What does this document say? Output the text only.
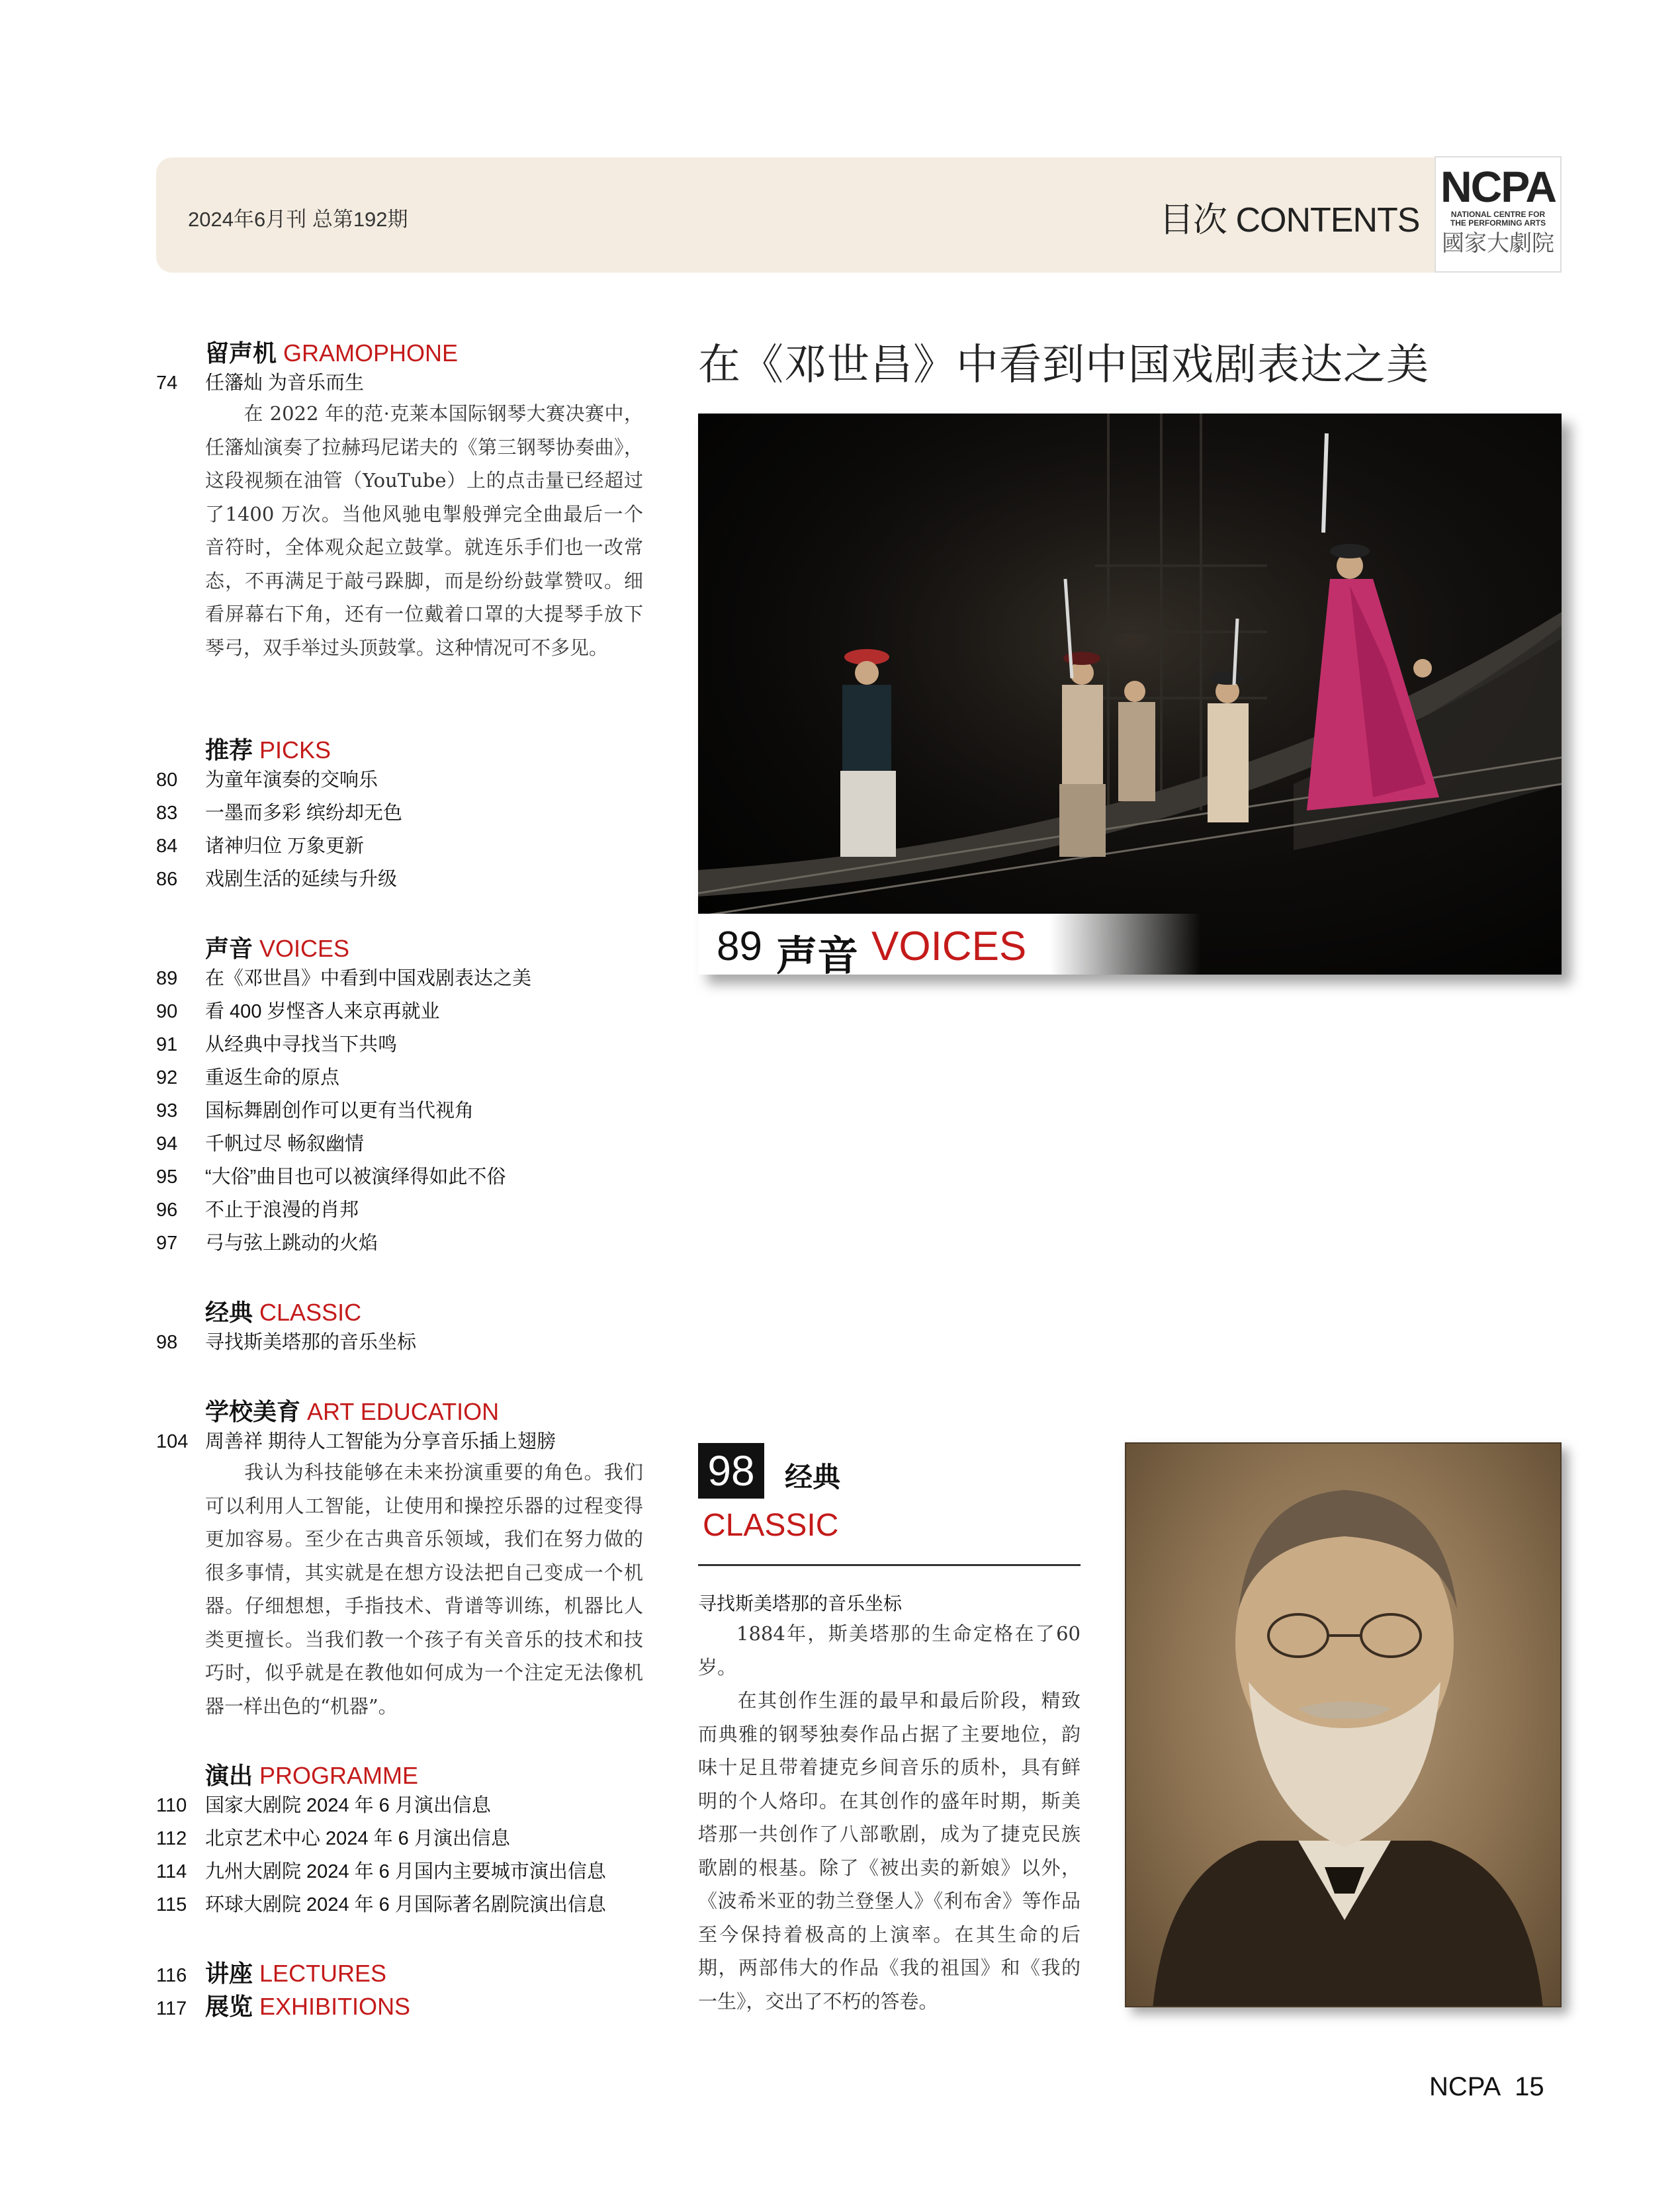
2024年6月刊 总第192期	目次 CONTENTS
NCPA
NATIONAL CENTRE FOR
THE PERFORMING ARTS
國家大劇院
留声机 GRAMOPHONE
74 任籓灿 为音乐而生
在 2022 年的范·克莱本国际钢琴大赛决赛中，任籓灿演奏了拉赫玛尼诺夫的《第三钢琴协奏曲》，这段视频在油管（YouTube）上的点击量已经超过了1400 万次。当他风驰电掣般弹完全曲最后一个音符时，全体观众起立鼓掌。就连乐手们也一改常态，不再满足于敲弓跺脚，而是纷纷鼓掌赞叹。细看屏幕右下角，还有一位戴着口罩的大提琴手放下琴弓，双手举过头顶鼓掌。这种情况可不多见。
推荐 PICKS
80 为童年演奏的交响乐
83 一墨而多彩 缤纷却无色
84 诸神归位 万象更新
86 戏剧生活的延续与升级
声音 VOICES
89 在《邓世昌》中看到中国戏剧表达之美
90 看 400 岁悭吝人来京再就业
91 从经典中寻找当下共鸣
92 重返生命的原点
93 国标舞剧创作可以更有当代视角
94 千帆过尽 畅叙幽情
95 “大俗”曲目也可以被演绎得如此不俗
96 不止于浪漫的肖邦
97 弓与弦上跳动的火焰
经典 CLASSIC
98 寻找斯美塔那的音乐坐标
学校美育 ART EDUCATION
104 周善祥 期待人工智能为分享音乐插上翅膀
我认为科技能够在未来扮演重要的角色。我们可以利用人工智能，让使用和操控乐器的过程变得更加容易。至少在古典音乐领域，我们在努力做的很多事情，其实就是在想方设法把自己变成一个机器。仔细想想，手指技术、背谱等训练，机器比人类更擅长。当我们教一个孩子有关音乐的技术和技巧时，似乎就是在教他如何成为一个注定无法像机器一样出色的“机器”。
演出 PROGRAMME
110 国家大剧院 2024 年 6 月演出信息
112 北京艺术中心 2024 年 6 月演出信息
114 九州大剧院 2024 年 6 月国内主要城市演出信息
115 环球大剧院 2024 年 6 月国际著名剧院演出信息
116 讲座 LECTURES
117 展览 EXHIBITIONS
在《邓世昌》中看到中国戏剧表达之美
89 声音 VOICES
98	经典
CLASSIC
寻找斯美塔那的音乐坐标
1884年，斯美塔那的生命定格在了60岁。
在其创作生涯的最早和最后阶段，精致而典雅的钢琴独奏作品占据了主要地位，韵味十足且带着捷克乡间音乐的质朴，具有鲜明的个人烙印。在其创作的盛年时期，斯美塔那一共创作了八部歌剧，成为了捷克民族歌剧的根基。除了《被出卖的新娘》以外，《波希米亚的勃兰登堡人》《利布舍》等作品至今保持着极高的上演率。在其生命的后期，两部伟大的作品《我的祖国》和《我的一生》，交出了不朽的答卷。
NCPA 15
